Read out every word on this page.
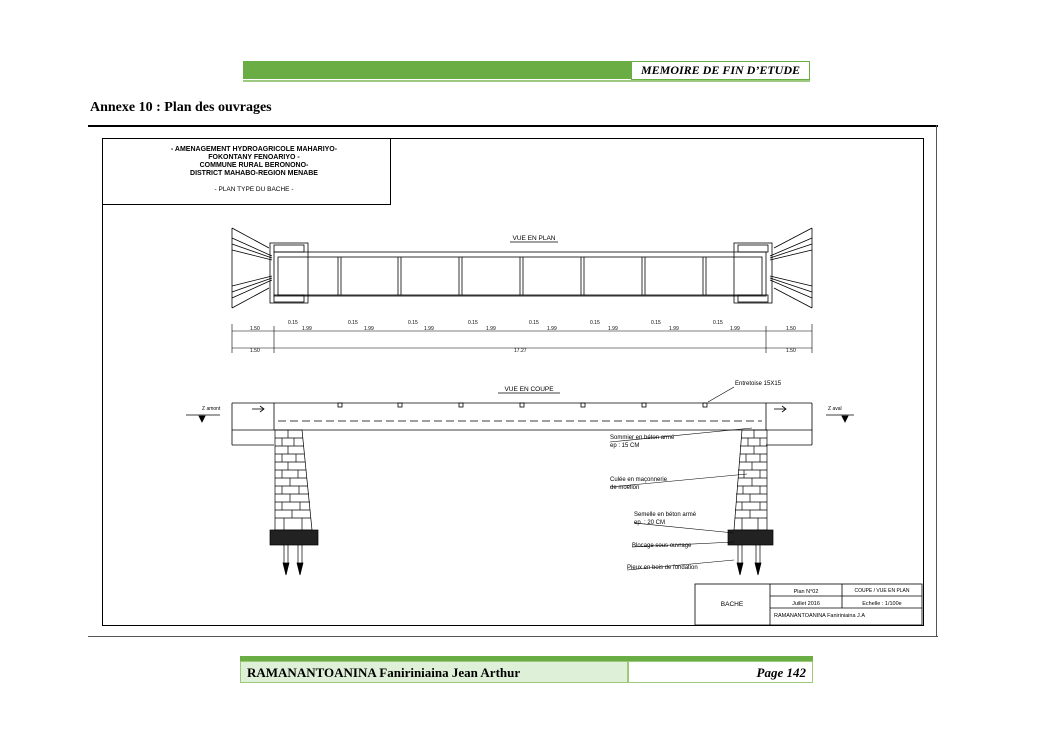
MEMOIRE DE FIN D’ETUDE
Annexe 10 : Plan des ouvrages
- AMENAGEMENT HYDROAGRICOLE MAHARIYO-
FOKONTANY FENOARIYO -
COMMUNE RURAL BERONONO-
DISTRICT MAHABO-REGION MENABE
- PLAN TYPE DU BACHE -
VUE EN PLAN
0.15	0.15	0.15	0.15	0.15	0.15	0.15	0.15
1.50	1.99	1.99	1.99	1.99	1.99	1.99	1.99	1.99	1.50
1.50	17.27	1.50
VUE EN COUPE
Z amont	Z aval
Entretoise 15X15
Sommier en béton armé
ep : 15 CM
Culée en maçonnerie
de moellon
Semelle en béton armé
ep. : 20 CM
Blocage sous ouvrage
Pieux en bois de fondation
BACHE
Plan N°02	COUPE / VUE EN PLAN
Juillet 2016	Echelle : 1/100e
RAMANANTOANINA Faniriniaina J.A
RAMANANTOANINA Faniriniaina Jean Arthur	Page 142
